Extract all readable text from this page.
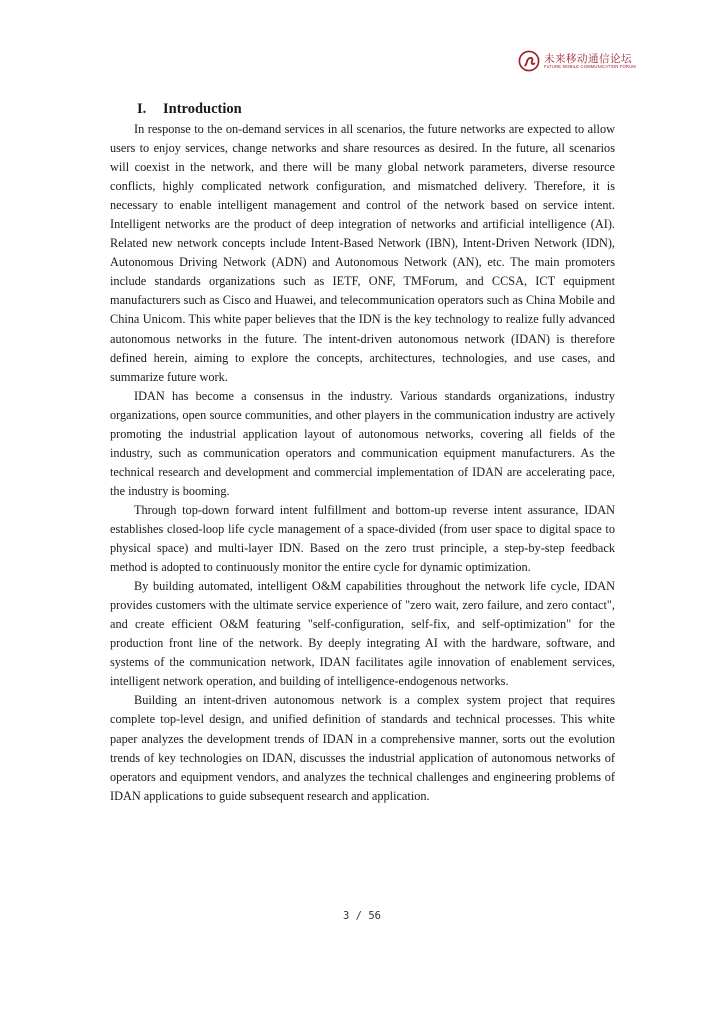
未来移动通信论坛
FuTURE MOBILE COMMUNICATION FORUM
I. Introduction

In response to the on-demand services in all scenarios, the future networks are expected to allow users to enjoy services, change networks and share resources as desired. In the future, all scenarios will coexist in the network, and there will be many global network parameters, diverse resource conflicts, highly complicated network configuration, and mismatched delivery. Therefore, it is necessary to enable intelligent management and control of the network based on service intent. Intelligent networks are the product of deep integration of networks and artificial intelligence (AI). Related new network concepts include Intent-Based Network (IBN), Intent-Driven Network (IDN), Autonomous Driving Network (ADN) and Autonomous Network (AN), etc. The main promoters include standards organizations such as IETF, ONF, TMForum, and CCSA, ICT equipment manufacturers such as Cisco and Huawei, and telecommunication operators such as China Mobile and China Unicom. This white paper believes that the IDN is the key technology to realize fully advanced autonomous networks in the future. The intent-driven autonomous network (IDAN) is therefore defined herein, aiming to explore the concepts, architectures, technologies, and use cases, and summarize future work.

IDAN has become a consensus in the industry. Various standards organizations, industry organizations, open source communities, and other players in the communication industry are actively promoting the industrial application layout of autonomous networks, covering all fields of the industry, such as communication operators and communication equipment manufacturers. As the technical research and development and commercial implementation of IDAN are accelerating pace, the industry is booming.

Through top-down forward intent fulfillment and bottom-up reverse intent assurance, IDAN establishes closed-loop life cycle management of a space-divided (from user space to digital space to physical space) and multi-layer IDN. Based on the zero trust principle, a step-by-step feedback method is adopted to continuously monitor the entire cycle for dynamic optimization.

By building automated, intelligent O&M capabilities throughout the network life cycle, IDAN provides customers with the ultimate service experience of "zero wait, zero failure, and zero contact", and create efficient O&M featuring "self-configuration, self-fix, and self-optimization" for the production front line of the network. By deeply integrating AI with the hardware, software, and systems of the communication network, IDAN facilitates agile innovation of enablement services, intelligent network operation, and building of intelligence-endogenous networks.

Building an intent-driven autonomous network is a complex system project that requires complete top-level design, and unified definition of standards and technical processes. This white paper analyzes the development trends of IDAN in a comprehensive manner, sorts out the evolution trends of key technologies on IDAN, discusses the industrial application of autonomous networks of operators and equipment vendors, and analyzes the technical challenges and engineering problems of IDAN applications to guide subsequent research and application.

3 / 56
